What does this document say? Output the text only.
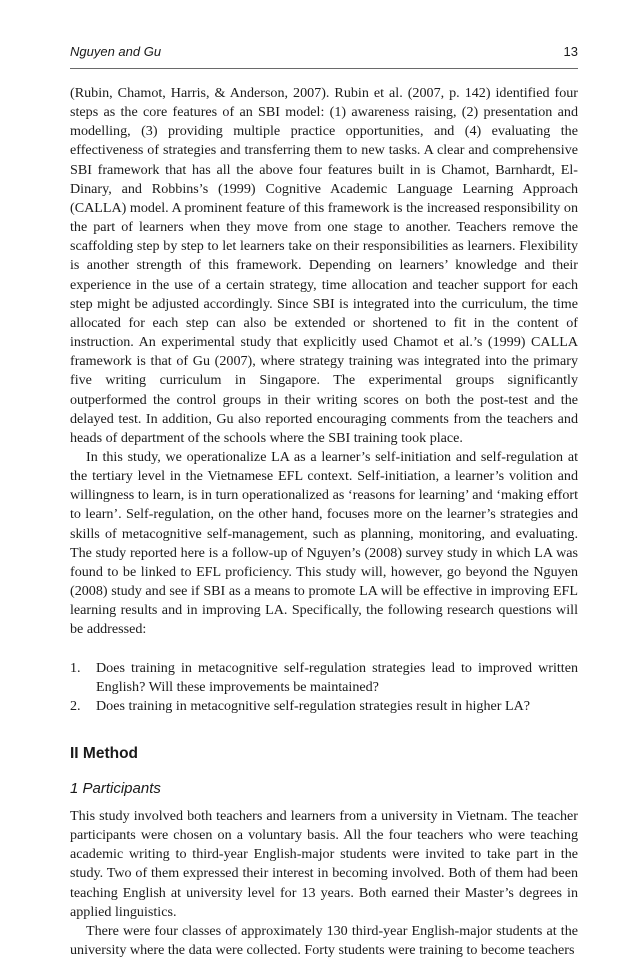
Nguyen and Gu	13

(Rubin, Chamot, Harris, & Anderson, 2007). Rubin et al. (2007, p. 142) identified four steps as the core features of an SBI model: (1) awareness raising, (2) presentation and modelling, (3) providing multiple practice opportunities, and (4) evaluating the effectiveness of strategies and transferring them to new tasks. A clear and comprehensive SBI framework that has all the above four features built in is Chamot, Barnhardt, El-Dinary, and Robbins’s (1999) Cognitive Academic Language Learning Approach (CALLA) model. A prominent feature of this framework is the increased responsibility on the part of learners when they move from one stage to another. Teachers remove the scaffolding step by step to let learners take on their responsibilities as learners. Flexibility is another strength of this framework. Depending on learners’ knowledge and their experience in the use of a certain strategy, time allocation and teacher support for each step might be adjusted accordingly. Since SBI is integrated into the curriculum, the time allocated for each step can also be extended or shortened to fit in the content of instruction. An experimental study that explicitly used Chamot et al.’s (1999) CALLA framework is that of Gu (2007), where strategy training was integrated into the primary five writing curriculum in Singapore. The experimental groups significantly outperformed the control groups in their writing scores on both the post-test and the delayed test. In addition, Gu also reported encouraging comments from the teachers and heads of department of the schools where the SBI training took place.

In this study, we operationalize LA as a learner’s self-initiation and self-regulation at the tertiary level in the Vietnamese EFL context. Self-initiation, a learner’s volition and willingness to learn, is in turn operationalized as ‘reasons for learning’ and ‘making effort to learn’. Self-regulation, on the other hand, focuses more on the learner’s strategies and skills of metacognitive self-management, such as planning, monitoring, and evaluating. The study reported here is a follow-up of Nguyen’s (2008) survey study in which LA was found to be linked to EFL proficiency. This study will, however, go beyond the Nguyen (2008) study and see if SBI as a means to promote LA will be effective in improving EFL learning results and in improving LA. Specifically, the following research questions will be addressed:

1. Does training in metacognitive self-regulation strategies lead to improved written English? Will these improvements be maintained?
2. Does training in metacognitive self-regulation strategies result in higher LA?
II Method
1 Participants

This study involved both teachers and learners from a university in Vietnam. The teacher participants were chosen on a voluntary basis. All the four teachers who were teaching academic writing to third-year English-major students were invited to take part in the study. Two of them expressed their interest in becoming involved. Both of them had been teaching English at university level for 13 years. Both earned their Master’s degrees in applied linguistics.

There were four classes of approximately 130 third-year English-major students at the university where the data were collected. Forty students were training to become teachers
